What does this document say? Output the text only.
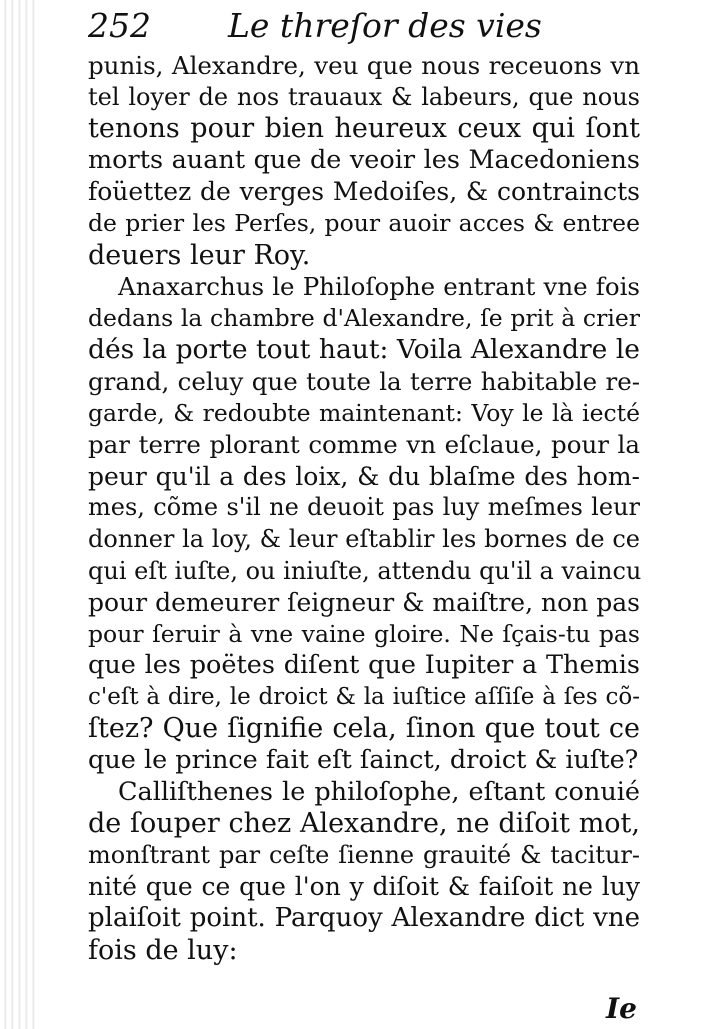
252 Le threſor des vies
punis, Alexandre, veu que nous receuons vn
tel loyer de nos trauaux & labeurs, que nous
tenons pour bien heureux ceux qui ſont
morts auant que de veoir les Macedoniens
foüettez de verges Medoiſes, & contraincts
de prier les Perſes, pour auoir acces & entree
deuers leur Roy.
Anaxarchus le Philoſophe entrant vne fois
dedans la chambre d'Alexandre, ſe prit à crier
dés la porte tout haut: Voila Alexandre le
grand, celuy que toute la terre habitable re-
garde, & redoubte maintenant: Voy le là iecté
par terre plorant comme vn eſclaue, pour la
peur qu'il a des loix, & du blaſme des hom-
mes, cõme s'il ne deuoit pas luy meſmes leur
donner la loy, & leur eſtablir les bornes de ce
qui eſt iuſte, ou iniuſte, attendu qu'il a vaincu
pour demeurer ſeigneur & maiſtre, non pas
pour ſeruir à vne vaine gloire. Ne ſçais-tu pas
que les poëtes diſent que Iupiter a Themis
c'eſt à dire, le droict & la iuſtice aſſiſe à ſes cõ-
ſtez? Que ſignifie cela, ſinon que tout ce
que le prince fait eſt ſainct, droict & iuſte?
Calliſthenes le philoſophe, eſtant conuié
de ſouper chez Alexandre, ne diſoit mot,
monſtrant par ceſte ſienne grauité & tacitur-
nité que ce que l'on y diſoit & faiſoit ne luy
plaiſoit point. Parquoy Alexandre dict vne
fois de luy:
Ie
